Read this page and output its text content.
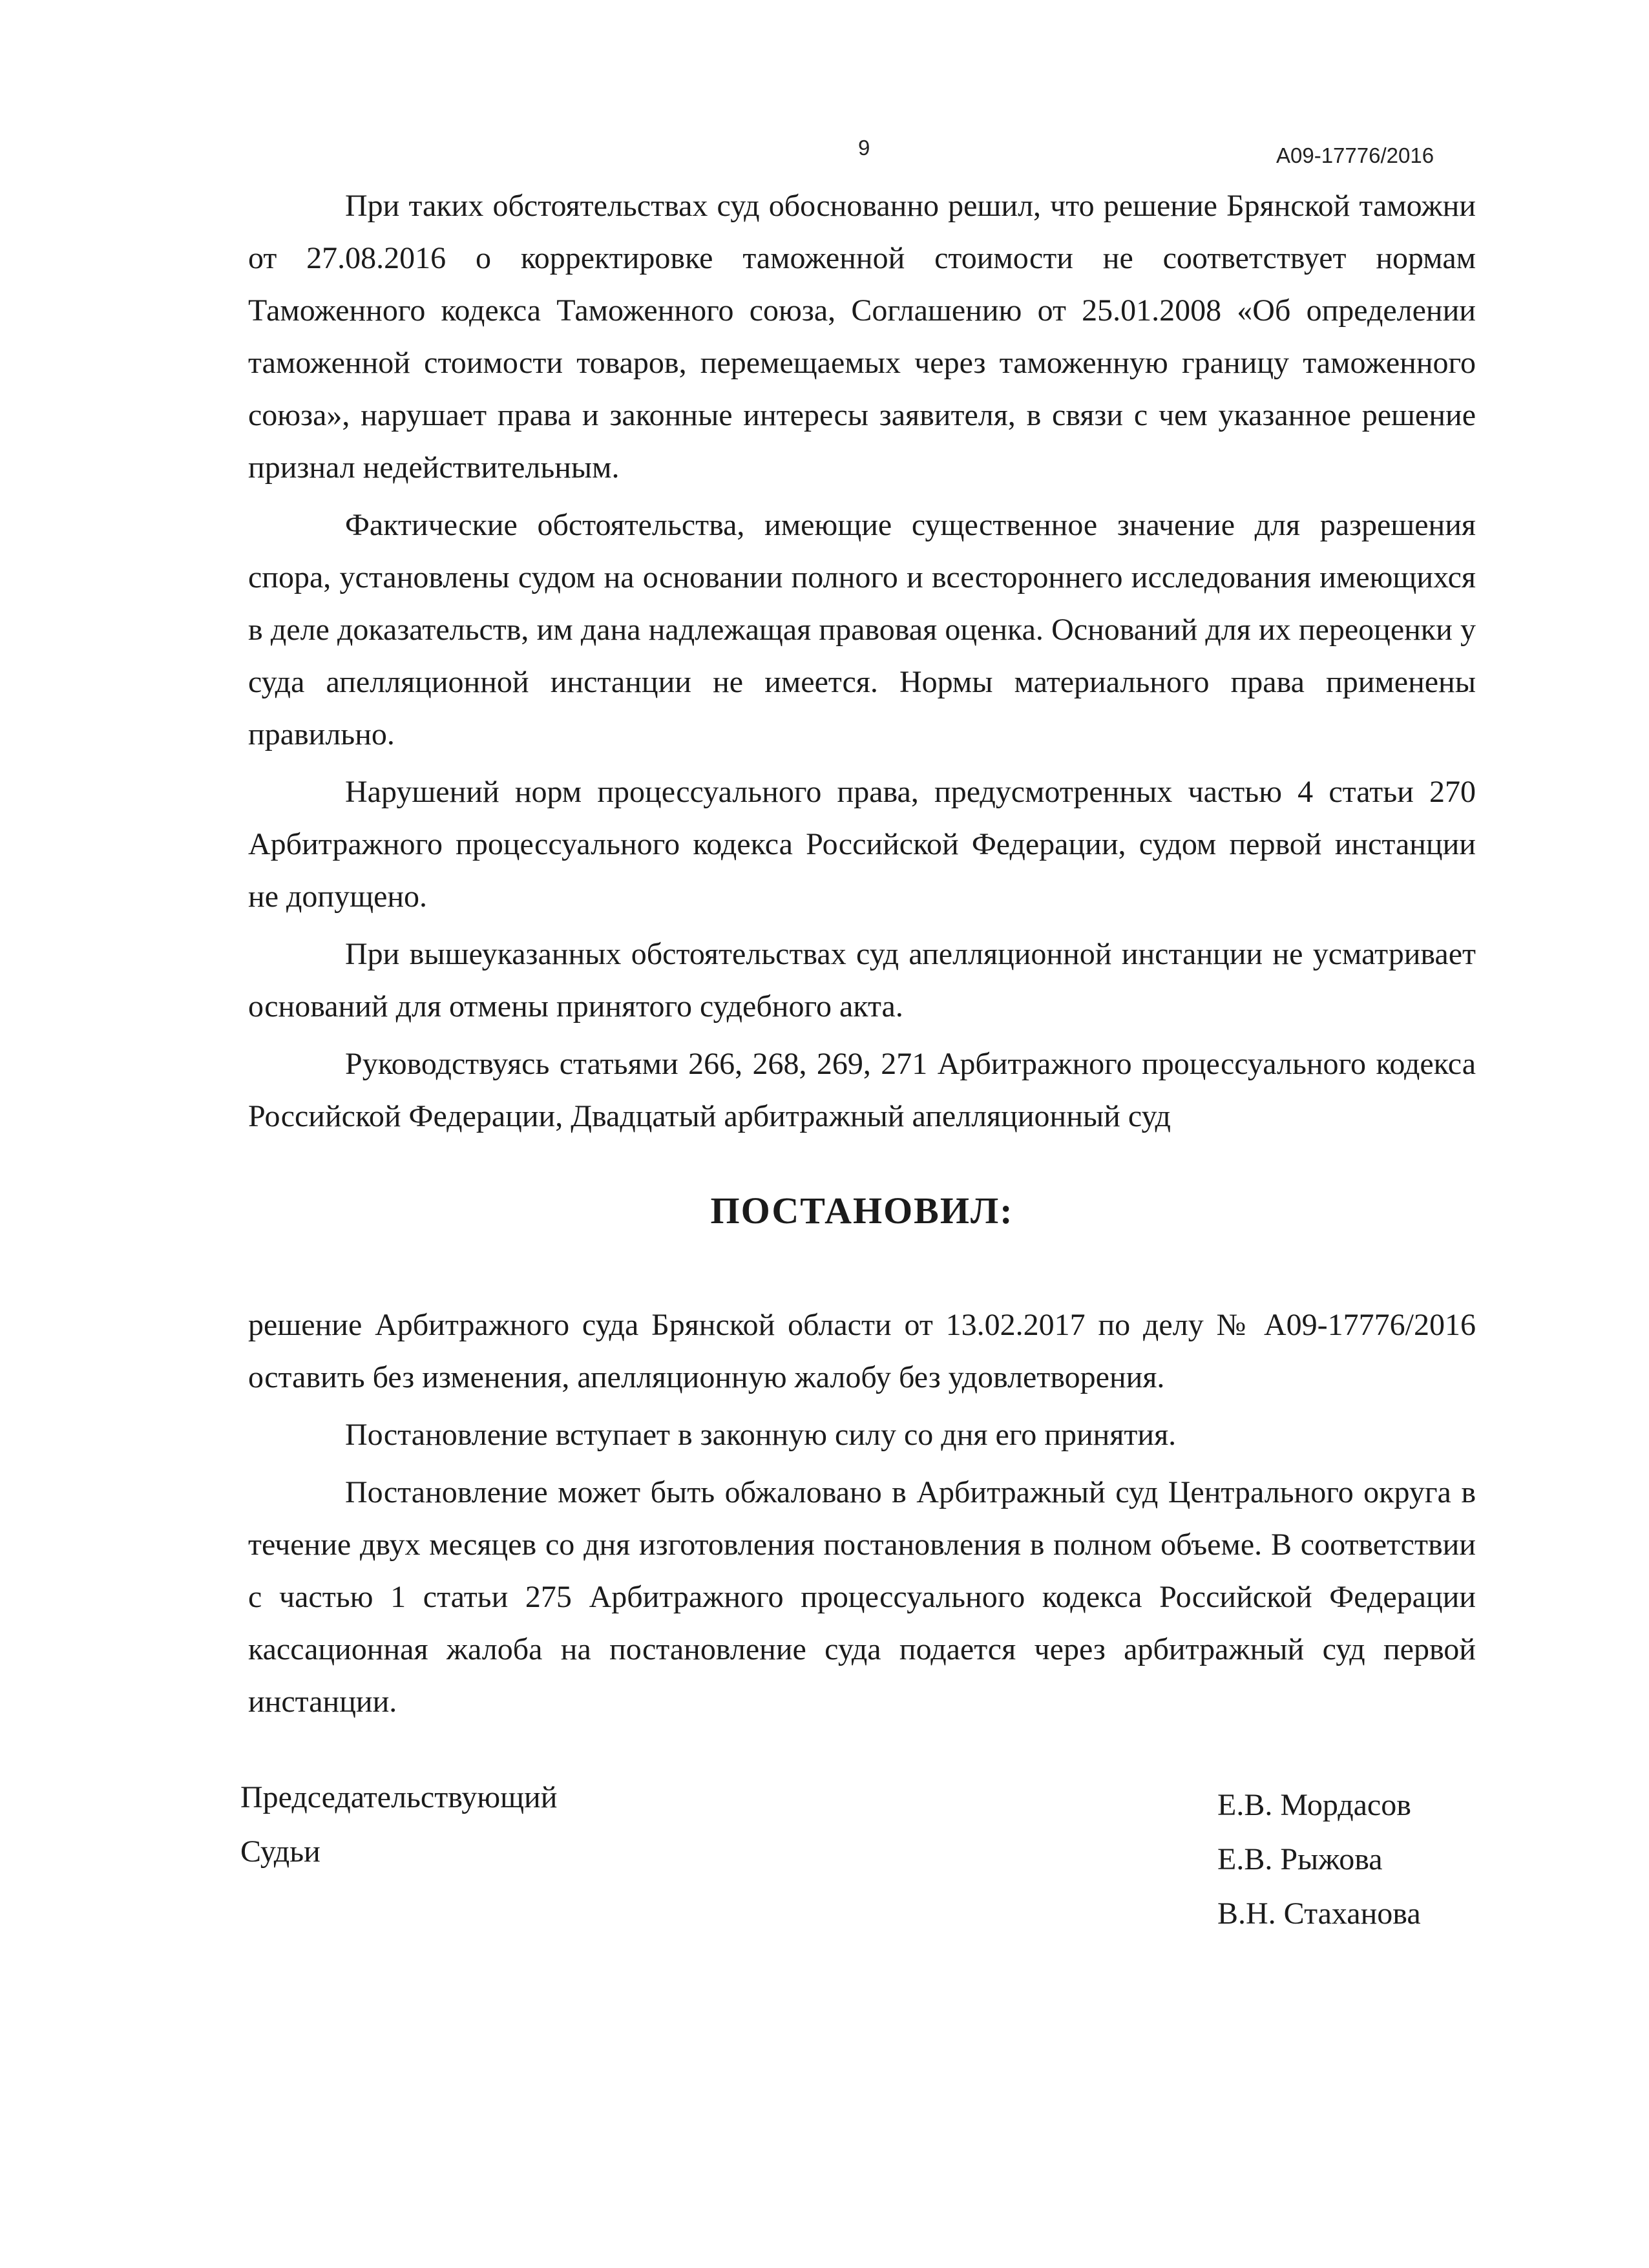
9	А09-17776/2016

При таких обстоятельствах суд обоснованно решил, что решение Брянской таможни от 27.08.2016 о корректировке таможенной стоимости не соответствует нормам Таможенного кодекса Таможенного союза, Соглашению от 25.01.2008 «Об определении таможенной стоимости товаров, перемещаемых через таможенную границу таможенного союза», нарушает права и законные интересы заявителя, в связи с чем указанное решение признал недействительным.

Фактические обстоятельства, имеющие существенное значение для разрешения спора, установлены судом на основании полного и всестороннего исследования имеющихся в деле доказательств, им дана надлежащая правовая оценка. Оснований для их переоценки у суда апелляционной инстанции не имеется. Нормы материального права применены правильно.

Нарушений норм процессуального права, предусмотренных частью 4 статьи 270 Арбитражного процессуального кодекса Российской Федерации, судом первой инстанции не допущено.

При вышеуказанных обстоятельствах суд апелляционной инстанции не усматривает оснований для отмены принятого судебного акта.

Руководствуясь статьями 266, 268, 269, 271 Арбитражного процессуального кодекса Российской Федерации, Двадцатый арбитражный апелляционный суд

ПОСТАНОВИЛ:

решение Арбитражного суда Брянской области от 13.02.2017 по делу № А09-17776/2016 оставить без изменения, апелляционную жалобу без удовлетворения.

Постановление вступает в законную силу со дня его принятия.

Постановление может быть обжаловано в Арбитражный суд Центрального округа в течение двух месяцев со дня изготовления постановления в полном объеме. В соответствии с частью 1 статьи 275 Арбитражного процессуального кодекса Российской Федерации кассационная жалоба на постановление суда подается через арбитражный суд первой инстанции.

Председательствующий
Судьи
Е.В. Мордасов
Е.В. Рыжова
В.Н. Стаханова
